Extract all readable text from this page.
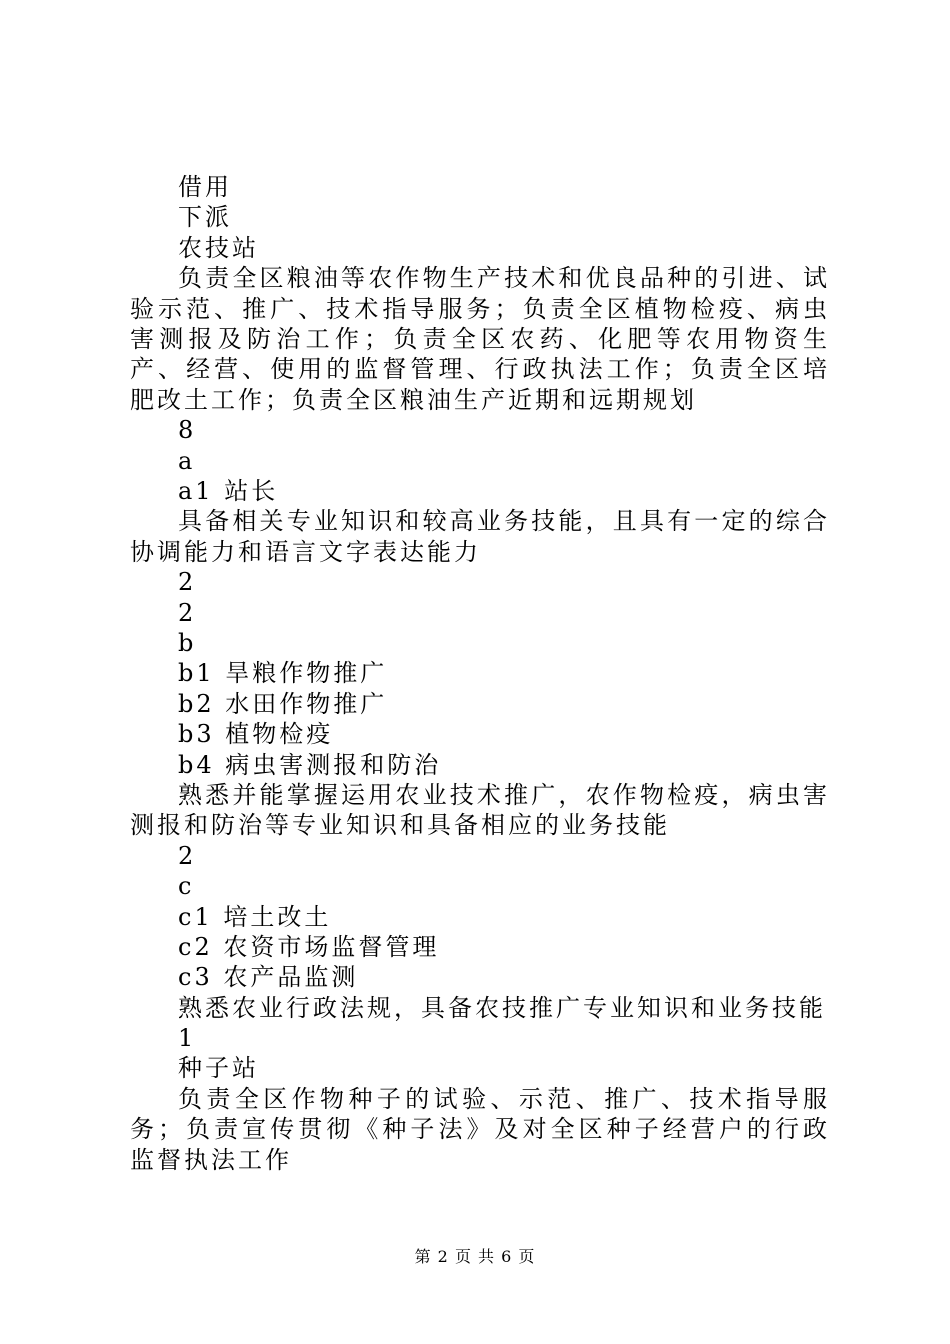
借用
下派
农技站
负责全区粮油等农作物生产技术和优良品种的引进、试验示范、推广、技术指导服务；负责全区植物检疫、病虫害测报及防治工作；负责全区农药、化肥等农用物资生产、经营、使用的监督管理、行政执法工作；负责全区培肥改土工作；负责全区粮油生产近期和远期规划
8
a
a1 站长
具备相关专业知识和较高业务技能，且具有一定的综合协调能力和语言文字表达能力
2
2
b
b1 旱粮作物推广
b2 水田作物推广
b3 植物检疫
b4 病虫害测报和防治
熟悉并能掌握运用农业技术推广，农作物检疫，病虫害测报和防治等专业知识和具备相应的业务技能
2
c
c1 培土改土
c2 农资市场监督管理
c3 农产品监测
熟悉农业行政法规，具备农技推广专业知识和业务技能
1
种子站
负责全区作物种子的试验、示范、推广、技术指导服务；负责宣传贯彻《种子法》及对全区种子经营户的行政监督执法工作
第 2 页 共 6 页
